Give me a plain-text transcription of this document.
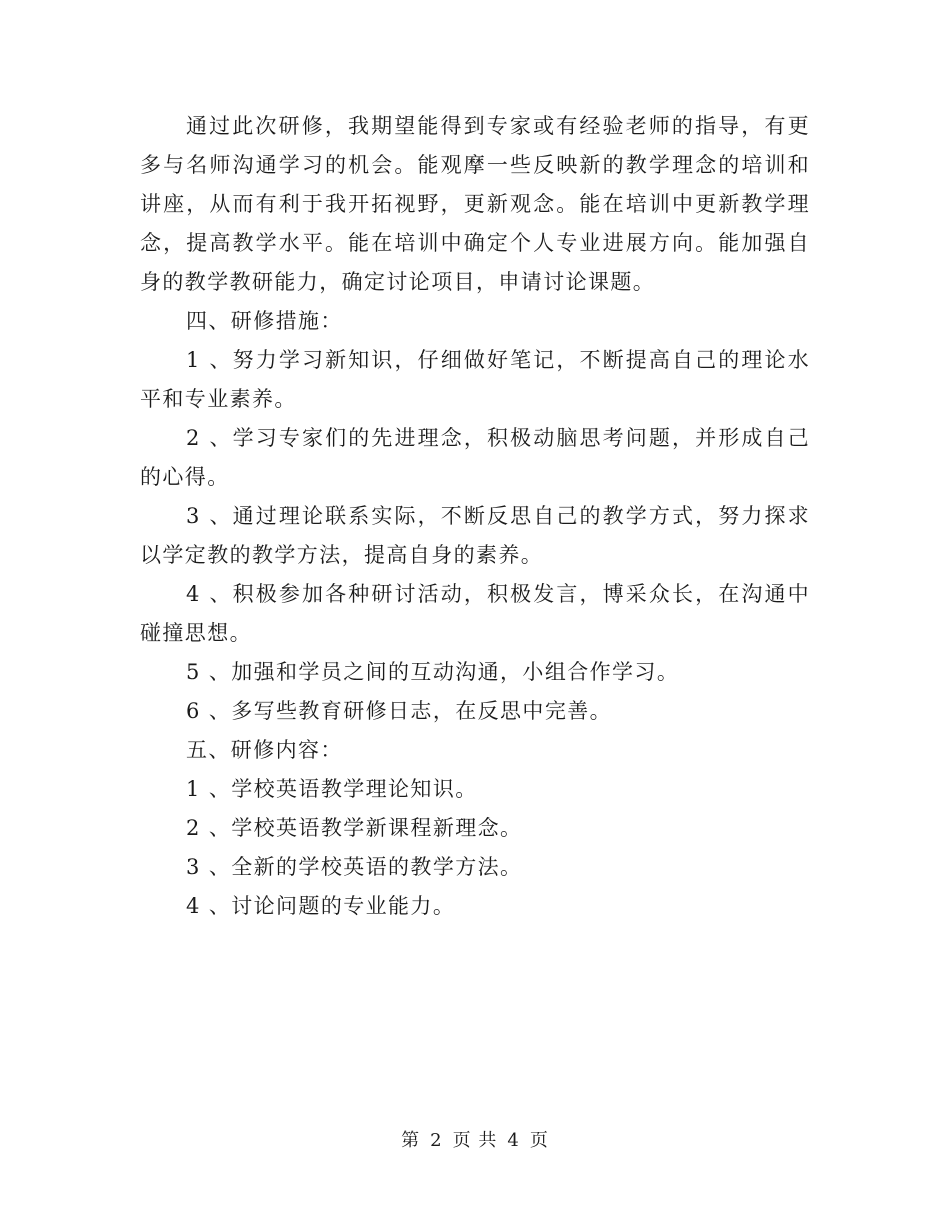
通过此次研修，我期望能得到专家或有经验老师的指导，有更多与名师沟通学习的机会。能观摩一些反映新的教学理念的培训和讲座，从而有利于我开拓视野，更新观念。能在培训中更新教学理念，提高教学水平。能在培训中确定个人专业进展方向。能加强自身的教学教研能力，确定讨论项目，申请讨论课题。

四、研修措施：

1 、努力学习新知识，仔细做好笔记，不断提高自己的理论水平和专业素养。

2 、学习专家们的先进理念，积极动脑思考问题，并形成自己的心得。

3 、通过理论联系实际，不断反思自己的教学方式，努力探求以学定教的教学方法，提高自身的素养。

4 、积极参加各种研讨活动，积极发言，博采众长，在沟通中碰撞思想。

5 、加强和学员之间的互动沟通，小组合作学习。

6 、多写些教育研修日志，在反思中完善。

五、研修内容：

1 、学校英语教学理论知识。

2 、学校英语教学新课程新理念。

3 、全新的学校英语的教学方法。

4 、讨论问题的专业能力。

第 2 页 共 4 页
